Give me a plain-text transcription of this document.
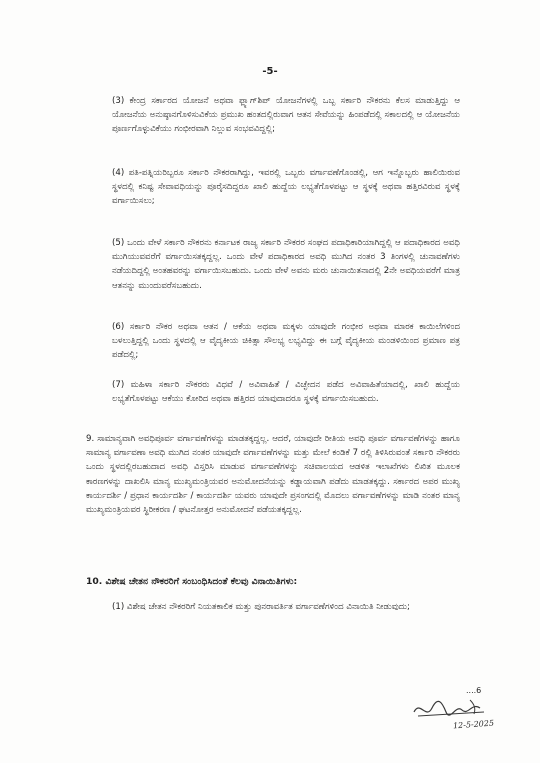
-5-

(3) ಕೇಂದ್ರ ಸರ್ಕಾರದ ಯೋಜನೆ ಅಥವಾ ಫ್ಲ್ಯಾಗ್‌ಶಿಪ್ ಯೋಜನೆಗಳಲ್ಲಿ ಒಬ್ಬ ಸರ್ಕಾರಿ ನೌಕರನು ಕೆಲಸ ಮಾಡುತ್ತಿದ್ದು ಆ ಯೋಜನೆಯ ಅನುಷ್ಠಾನಗೊಳಿಸುವಿಕೆಯ ಪ್ರಮುಖ ಹಂತದಲ್ಲಿರುವಾಗ ಆತನ ಸೇವೆಯನ್ನು ಹಿಂಪಡೆದಲ್ಲಿ ಸಕಾಲದಲ್ಲಿ ಆ ಯೋಜನೆಯ ಪೂರ್ಣಗೊಳ್ಳುವಿಕೆಯು ಗಂಭೀರವಾಗಿ ನಿಲ್ಲುವ ಸಂಭವವಿದ್ದಲ್ಲಿ;

(4) ಪತಿ-ಪತ್ನಿಯರಿಬ್ಬರೂ ಸರ್ಕಾರಿ ನೌಕರರಾಗಿದ್ದು, ಇವರಲ್ಲಿ ಒಬ್ಬರು ವರ್ಗಾವಣೆಗೊಂಡಲ್ಲಿ, ಆಗ ಇನ್ನೊಬ್ಬರು ಹಾಲಿಯಿರುವ ಸ್ಥಳದಲ್ಲಿ ಕನಿಷ್ಟ ಸೇವಾವಧಿಯನ್ನು ಪೂರೈಸದಿದ್ದರೂ ಖಾಲಿ ಹುದ್ದೆಯ ಲಭ್ಯತೆಗೊಳಪಟ್ಟು ಆ ಸ್ಥಳಕ್ಕೆ ಅಥವಾ ಹತ್ತಿರವಿರುವ ಸ್ಥಳಕ್ಕೆ ವರ್ಗಾಯಿಸಲು;

(5) ಒಂದು ವೇಳೆ ಸರ್ಕಾರಿ ನೌಕರನು ಕರ್ನಾಟಕ ರಾಜ್ಯ ಸರ್ಕಾರಿ ನೌಕರರ ಸಂಘದ ಪದಾಧಿಕಾರಿಯಾಗಿದ್ದಲ್ಲಿ ಆ ಪದಾಧಿಕಾರದ ಅವಧಿ ಮುಗಿಯುವವರೆಗೆ ವರ್ಗಾಯಿಸತಕ್ಕದ್ದಲ್ಲ. ಒಂದು ವೇಳೆ ಪದಾಧಿಕಾರದ ಅವಧಿ ಮುಗಿದ ನಂತರ 3 ತಿಂಗಳಲ್ಲಿ ಚುನಾವಣೆಗಳು ನಡೆಯದಿದ್ದಲ್ಲಿ ಅಂತಹವರನ್ನು ವರ್ಗಾಯಿಸಬಹುದು. ಒಂದು ವೇಳೆ ಅವನು ಮರು ಚುನಾಯಿತನಾದಲ್ಲಿ 2ನೇ ಅವಧಿಯವರೆಗೆ ಮಾತ್ರ ಆತನನ್ನು ಮುಂದುವರೆಸಬಹುದು.

(6) ಸರ್ಕಾರಿ ನೌಕರ ಅಥವಾ ಆತನ / ಆಕೆಯ ಅಥವಾ ಮಕ್ಕಳು ಯಾವುದೇ ಗಂಭೀರ ಅಥವಾ ಮಾರಕ ಕಾಯಿಲೆಗಳಿಂದ ಬಳಲುತ್ತಿದ್ದಲ್ಲಿ ಒಂದು ಸ್ಥಳದಲ್ಲಿ ಆ ವೈದ್ಯಕೀಯ ಚಿಕಿತ್ಸಾ ಸೌಲಭ್ಯ ಲಭ್ಯವಿದ್ದು ಈ ಬಗ್ಗೆ ವೈದ್ಯಕೀಯ ಮಂಡಳಿಯಿಂದ ಪ್ರಮಾಣ ಪತ್ರ ಪಡೆದಲ್ಲಿ;

(7) ಮಹಿಳಾ ಸರ್ಕಾರಿ ನೌಕರರು ವಿಧವೆ / ಅವಿವಾಹಿತೆ / ವಿಚ್ಛೇದನ ಪಡೆದ ಅವಿವಾಹಿತೆಯಾದಲ್ಲಿ, ಖಾಲಿ ಹುದ್ದೆಯ ಲಭ್ಯತೆಗೊಳಪಟ್ಟು ಆಕೆಯು ಕೋರಿದ ಅಥವಾ ಹತ್ತಿರದ ಯಾವುದಾದರೂ ಸ್ಥಳಕ್ಕೆ ವರ್ಗಾಯಿಸಬಹುದು.

9. ಸಾಮಾನ್ಯವಾಗಿ ಅವಧಿಪೂರ್ವ ವರ್ಗಾವಣೆಗಳನ್ನು ಮಾಡತಕ್ಕದ್ದಲ್ಲ. ಆದರೆ, ಯಾವುದೇ ರೀತಿಯ ಅವಧಿ ಪೂರ್ವ ವರ್ಗಾವಣೆಗಳನ್ನು ಹಾಗೂ ಸಾಮಾನ್ಯ ವರ್ಗಾವಣಾ ಅವಧಿ ಮುಗಿದ ನಂತರ ಯಾವುದೇ ವರ್ಗಾವಣೆಗಳನ್ನು ಮತ್ತು ಮೇಲೆ ಕಂಡಿಕೆ 7 ರಲ್ಲಿ ತಿಳಿಸಿರುವಂತೆ ಸರ್ಕಾರಿ ನೌಕರರು ಒಂದು ಸ್ಥಳದಲ್ಲಿರಬಹುದಾದ ಅವಧಿ ವಿಸ್ತರಿಸಿ ಮಾಡುವ ವರ್ಗಾವಣೆಗಳನ್ನು ಸಚಿವಾಲಯದ ಆಡಳಿತ ಇಲಾಖೆಗಳು ಲಿಖಿತ ಮೂಲಕ ಕಾರಣಗಳನ್ನು ದಾಖಲಿಸಿ ಮಾನ್ಯ ಮುಖ್ಯಮಂತ್ರಿಯವರ ಅನುಮೋದನೆಯನ್ನು ಕಡ್ಡಾಯವಾಗಿ ಪಡೆದು ಮಾಡತಕ್ಕದ್ದು. ಸರ್ಕಾರದ ಅಪರ ಮುಖ್ಯ ಕಾರ್ಯದರ್ಶಿ / ಪ್ರಧಾನ ಕಾರ್ಯದರ್ಶಿ / ಕಾರ್ಯದರ್ಶಿ ಯವರು ಯಾವುದೇ ಪ್ರಸಂಗದಲ್ಲಿ ಮೊದಲು ವರ್ಗಾವಣೆಗಳನ್ನು ಮಾಡಿ ನಂತರ ಮಾನ್ಯ ಮುಖ್ಯಮಂತ್ರಿಯವರ ಸ್ಥಿರೀಕರಣ / ಘಟನೋತ್ತರ ಅನುಮೋದನೆ ಪಡೆಯತಕ್ಕದ್ದಲ್ಲ.

10. ವಿಶೇಷ ಚೇತನ ನೌಕರರಿಗೆ ಸಂಬಂಧಿಸಿದಂತೆ ಕೆಲವು ವಿನಾಯಿತಿಗಳು:

(1) ವಿಶೇಷ ಚೇತನ ನೌಕರರಿಗೆ ನಿಯತಕಾಲಿಕ ಮತ್ತು ಪುನರಾವರ್ತಿತ ವರ್ಗಾವಣೆಗಳಿಂದ ವಿನಾಯಿತಿ ನೀಡುವುದು;

....6
12-5-2025
